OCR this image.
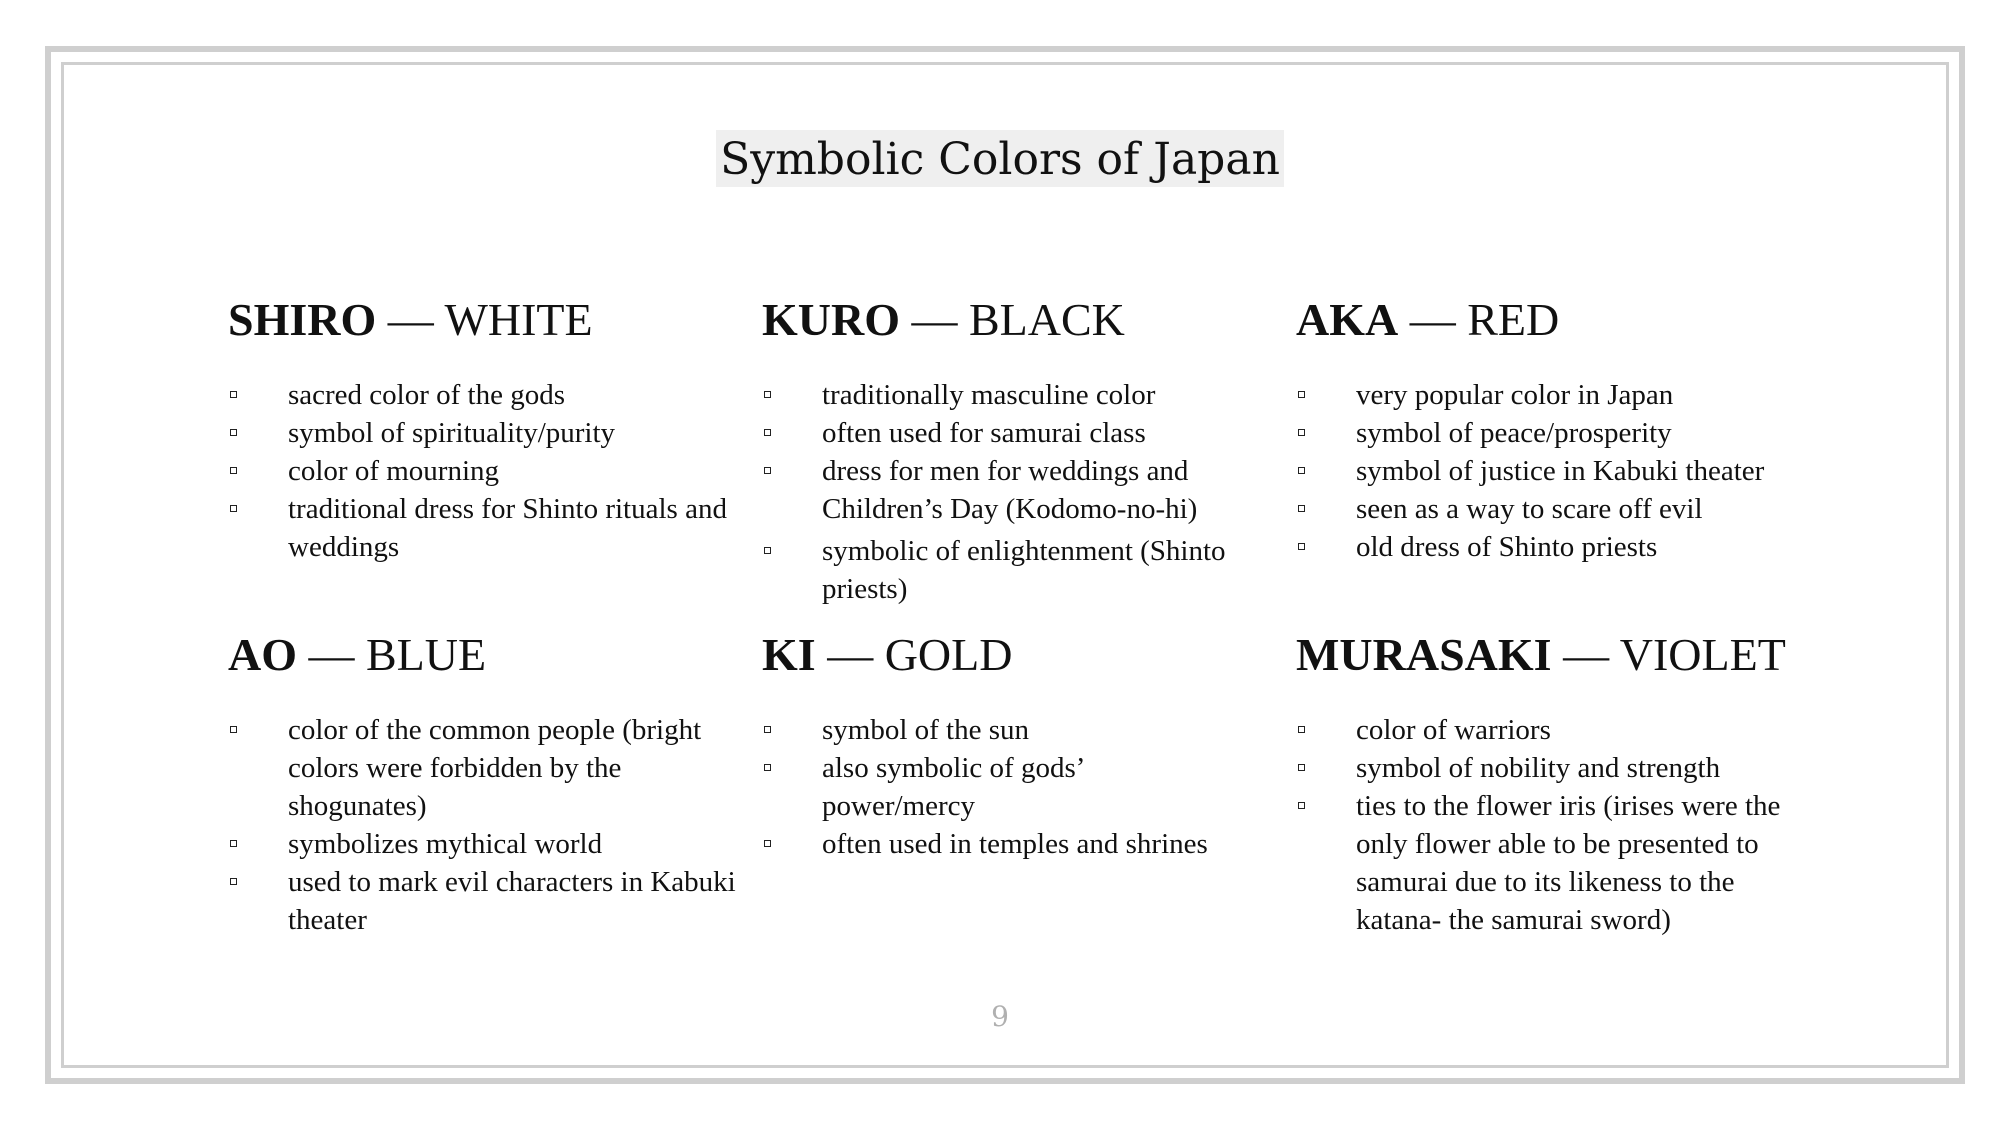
Symbolic Colors of Japan
SHIRO — WHITE
sacred color of the gods
symbol of spirituality/purity
color of mourning
traditional dress for Shinto rituals and weddings
KURO — BLACK
traditionally masculine color
often used for samurai class
dress for men for weddings and Children’s Day (Kodomo-no-hi)
symbolic of enlightenment (Shinto priests)
AKA — RED
very popular color in Japan
symbol of peace/prosperity
symbol of justice in Kabuki theater
seen as a way to scare off evil
old dress of Shinto priests
AO — BLUE
color of the common people (bright colors were forbidden by the shogunates)
symbolizes mythical world
used to mark evil characters in Kabuki theater
KI — GOLD
symbol of the sun
also symbolic of gods’ power/mercy
often used in temples and shrines
MURASAKI — VIOLET
color of warriors
symbol of nobility and strength
ties to the flower iris (irises were the only flower able to be presented to samurai due to its likeness to the katana- the samurai sword)
9
